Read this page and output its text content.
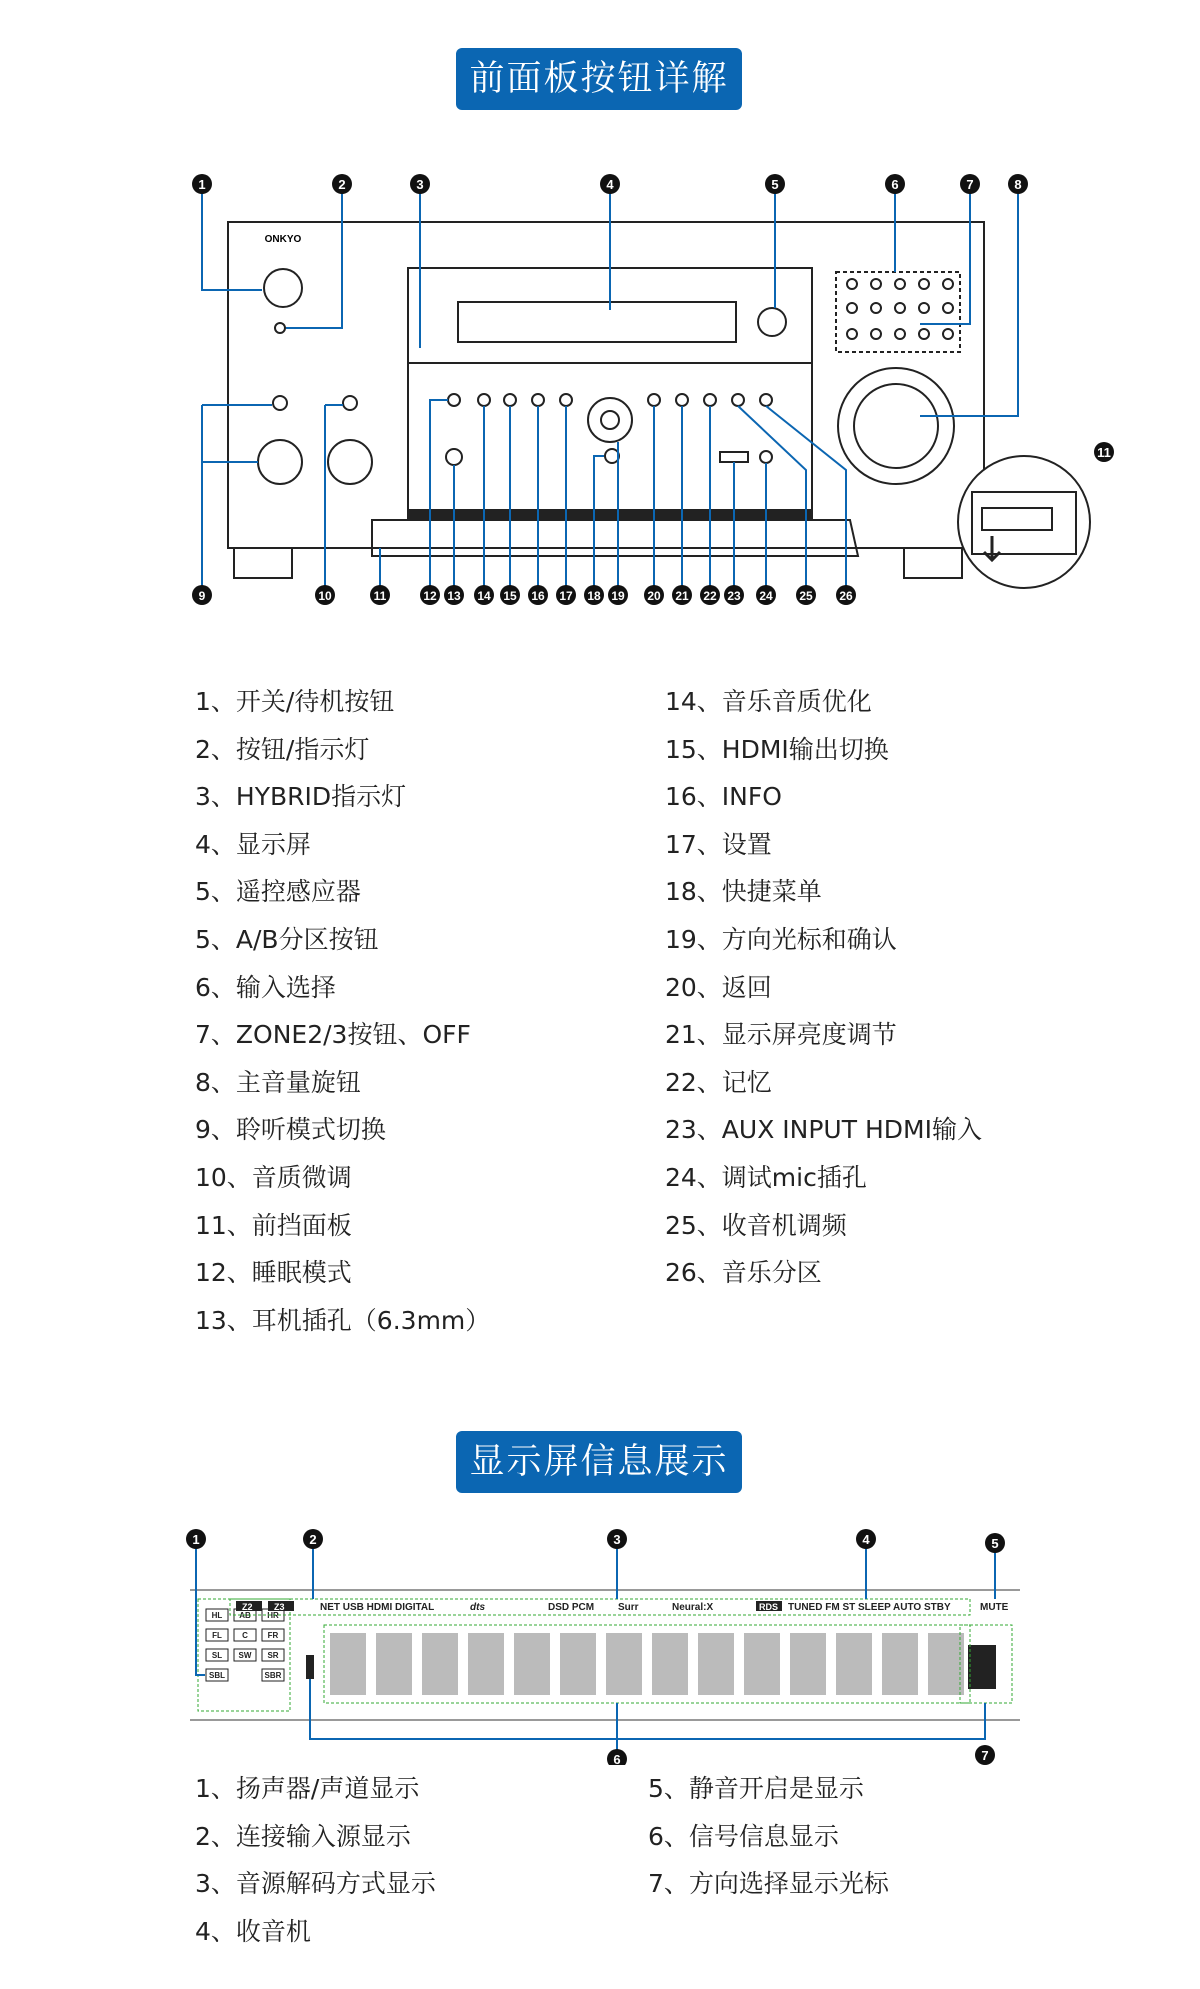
前面板按钮详解
ONKYO
1	2	3	4	5	6	7	8
11
9	10	11	12 13 14 15 16 17 18 19 20 21 22 23 24 25 26
1、开关/待机按钮
2、按钮/指示灯
3、HYBRID指示灯
4、显示屏
5、遥控感应器
5、A/B分区按钮
6、输入选择
7、ZONE2/3按钮、OFF
8、主音量旋钮
9、聆听模式切换
10、音质微调
11、前挡面板
12、睡眠模式
13、耳机插孔（6.3mm）
14、音乐音质优化
15、HDMI输出切换
16、INFO
17、设置
18、快捷菜单
19、方向光标和确认
20、返回
21、显示屏亮度调节
22、记忆
23、AUX INPUT HDMI输入
24、调试mic插孔
25、收音机调频
26、音乐分区
显示屏信息展示
HL AB HR
FL	C FR
SL SW SR
SBL	SBR
Z2 Z3	NET USB HDMI DIGITAL	dts	DSD PCM Surr	Neural:X	RDS TUNED FM ST SLEEP AUTO STBY	MUTE
1	2	3	4	5
6	7
1、扬声器/声道显示
2、连接输入源显示
3、音源解码方式显示
4、收音机
5、静音开启是显示
6、信号信息显示
7、方向选择显示光标
